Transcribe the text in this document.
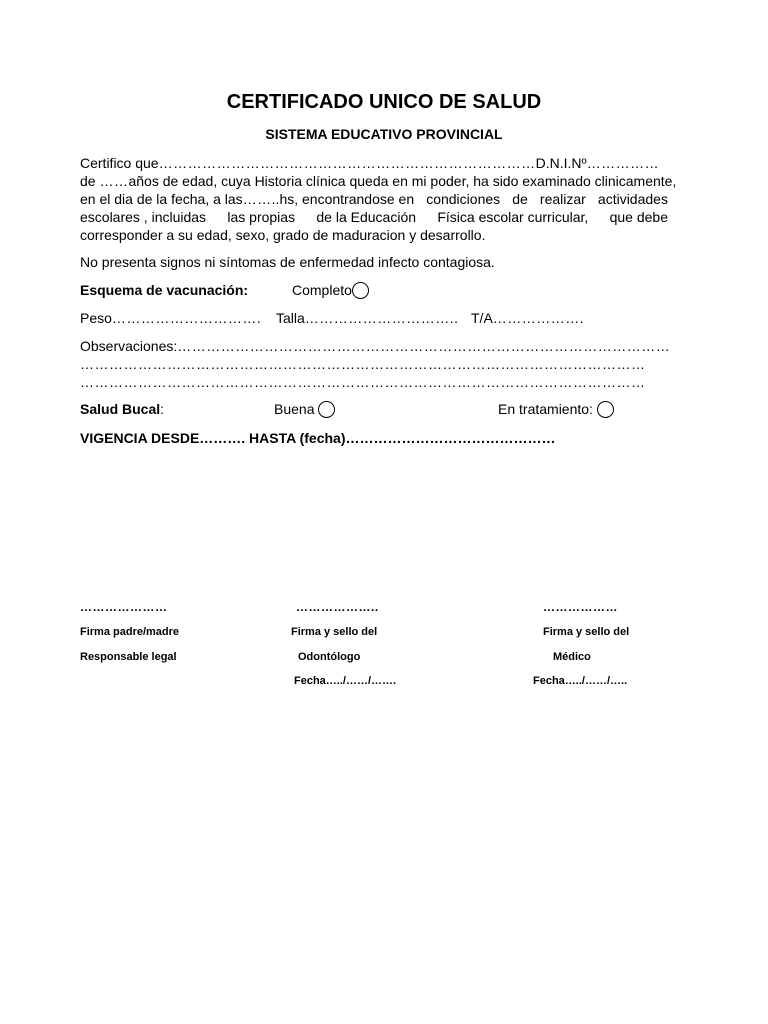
CERTIFICADO UNICO DE SALUD
SISTEMA EDUCATIVO PROVINCIAL
Certifico que……………………………………………………………………D.N.I.Nº……………
de ……años de edad, cuya Historia clínica queda en mi poder, ha sido examinado clinicamente,
en el dia de la fecha, a las……..hs, encontrandose en condiciones de realizar actividades
escolares , incluidas las propias de la Educación Física escolar curricular, que debe
corresponder a su edad, sexo, grado de maduracion y desarrollo.
No presenta signos ni síntomas de enfermedad infecto contagiosa.
Esquema de vacunación:	Completo
Peso…………………………. Talla………………………….. T/A……………….
Observaciones:…………………………………………………………………………………………
………………………………………………………………………………………………………
………………………………………………………………………………………………………
Salud Bucal:	Buena	En tratamiento:
VIGENCIA DESDE………. HASTA (fecha)………………………………………
…………………
Firma padre/madre
Responsable legal
………………..
Firma y sello del
Odontólogo
Fecha…../……/…….
………………
Firma y sello del
Médico
Fecha…../……/…..
